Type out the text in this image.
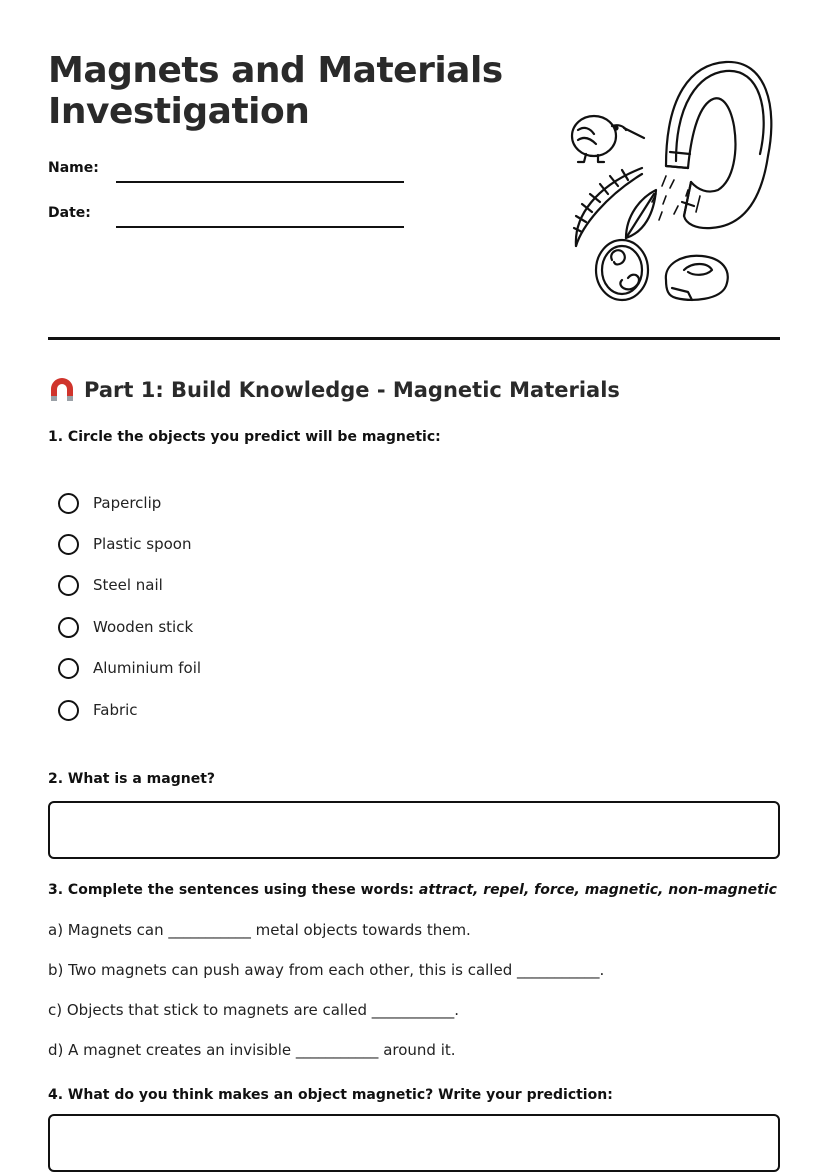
Magnets and Materials
Investigation
Name:
Date:
Part 1: Build Knowledge - Magnetic Materials
1. Circle the objects you predict will be magnetic:
Paperclip
Plastic spoon
Steel nail
Wooden stick
Aluminium foil
Fabric
2. What is a magnet?
3. Complete the sentences using these words: attract, repel, force, magnetic, non-magnetic
a) Magnets can ___________ metal objects towards them.
b) Two magnets can push away from each other, this is called ___________.
c) Objects that stick to magnets are called ___________.
d) A magnet creates an invisible ___________ around it.
4. What do you think makes an object magnetic? Write your prediction:
